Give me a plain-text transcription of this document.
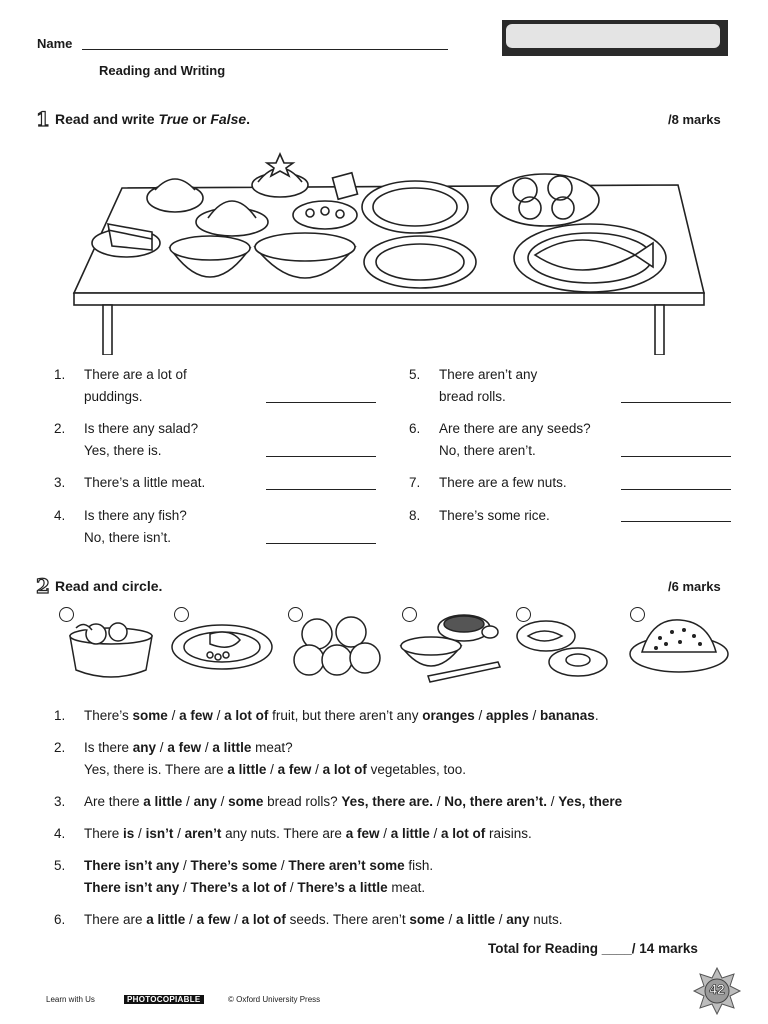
Name
Reading and Writing
1 Read and write True or False.	/8 marks
1. There are a lot of
puddings.
2. Is there any salad?
Yes, there is.
3. There’s a little meat.
4. Is there any fish?
No, there isn’t.
5. There aren’t any
bread rolls.
6. Are there are any seeds?
No, there aren’t.
7. There are a few nuts.
8. There’s some rice.
2 Read and circle.	/6 marks
1. There’s some / a few / a lot of fruit, but there aren’t any oranges / apples / bananas.
2. Is there any / a few / a little meat?
Yes, there is. There are a little / a few / a lot of vegetables, too.
3. Are there a little / any / some bread rolls? Yes, there are. / No, there aren’t. / Yes, there
4. There is / isn’t / aren’t any nuts. There are a few / a little / a lot of raisins.
5. There isn’t any / There’s some / There aren’t some fish.
There isn’t any / There’s a lot of / There’s a little meat.
6. There are a little / a few / a lot of seeds. There aren’t some / a little / any nuts.
Total for Reading ____/ 14 marks
Learn with Us	PHOTOCOPIABLE	© Oxford University Press
42
